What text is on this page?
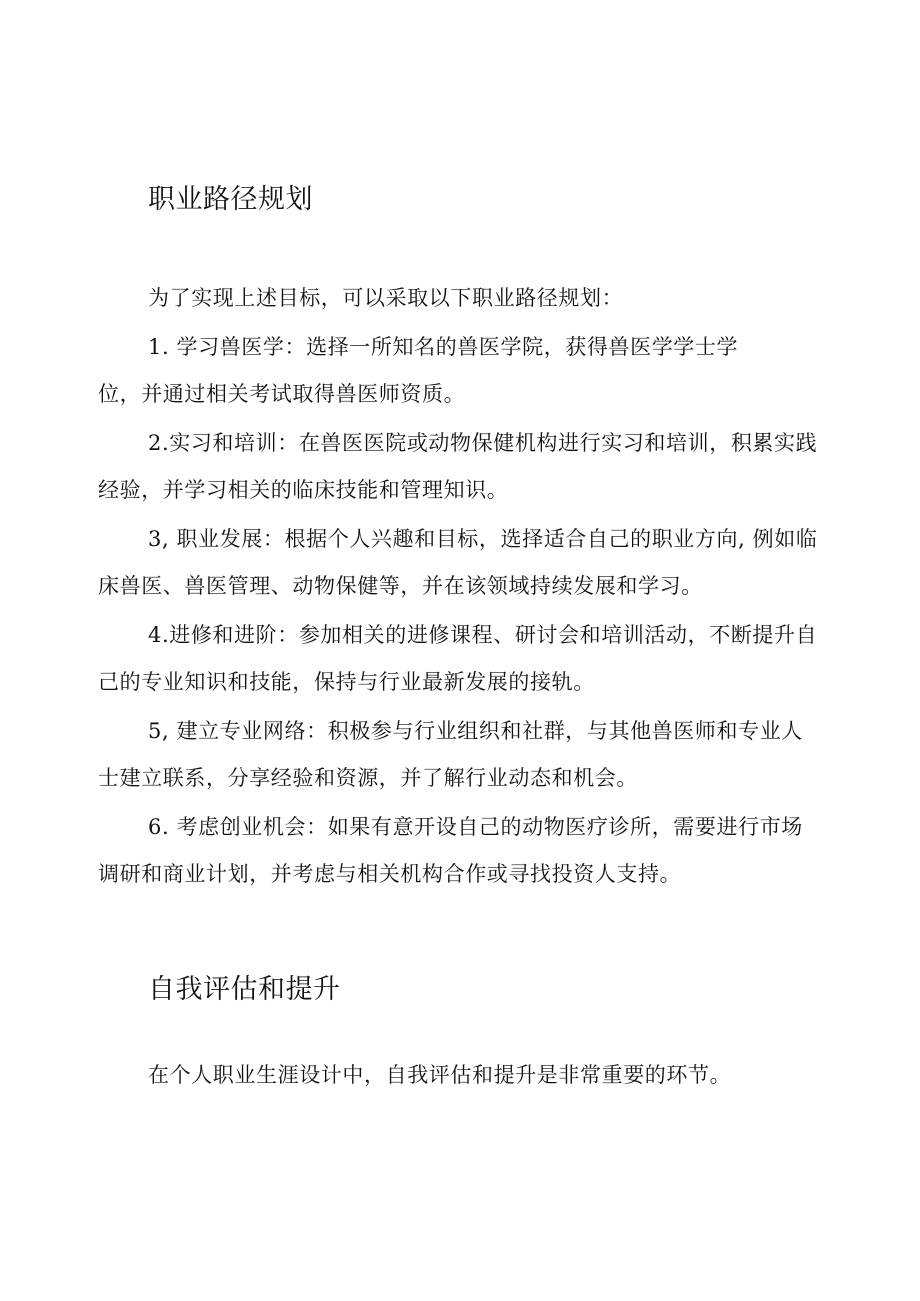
职业路径规划

为了实现上述目标，可以采取以下职业路径规划：

1. 学习兽医学：选择一所知名的兽医学院，获得兽医学学士学位，并通过相关考试取得兽医师资质。

2.实习和培训：在兽医医院或动物保健机构进行实习和培训，积累实践经验，并学习相关的临床技能和管理知识。

3, 职业发展：根据个人兴趣和目标，选择适合自己的职业方向, 例如临床兽医、兽医管理、动物保健等，并在该领域持续发展和学习。

4.进修和进阶：参加相关的进修课程、研讨会和培训活动，不断提升自己的专业知识和技能，保持与行业最新发展的接轨。

5, 建立专业网络：积极参与行业组织和社群，与其他兽医师和专业人士建立联系，分享经验和资源，并了解行业动态和机会。

6. 考虑创业机会：如果有意开设自己的动物医疗诊所，需要进行市场调研和商业计划，并考虑与相关机构合作或寻找投资人支持。

自我评估和提升

在个人职业生涯设计中，自我评估和提升是非常重要的环节。
